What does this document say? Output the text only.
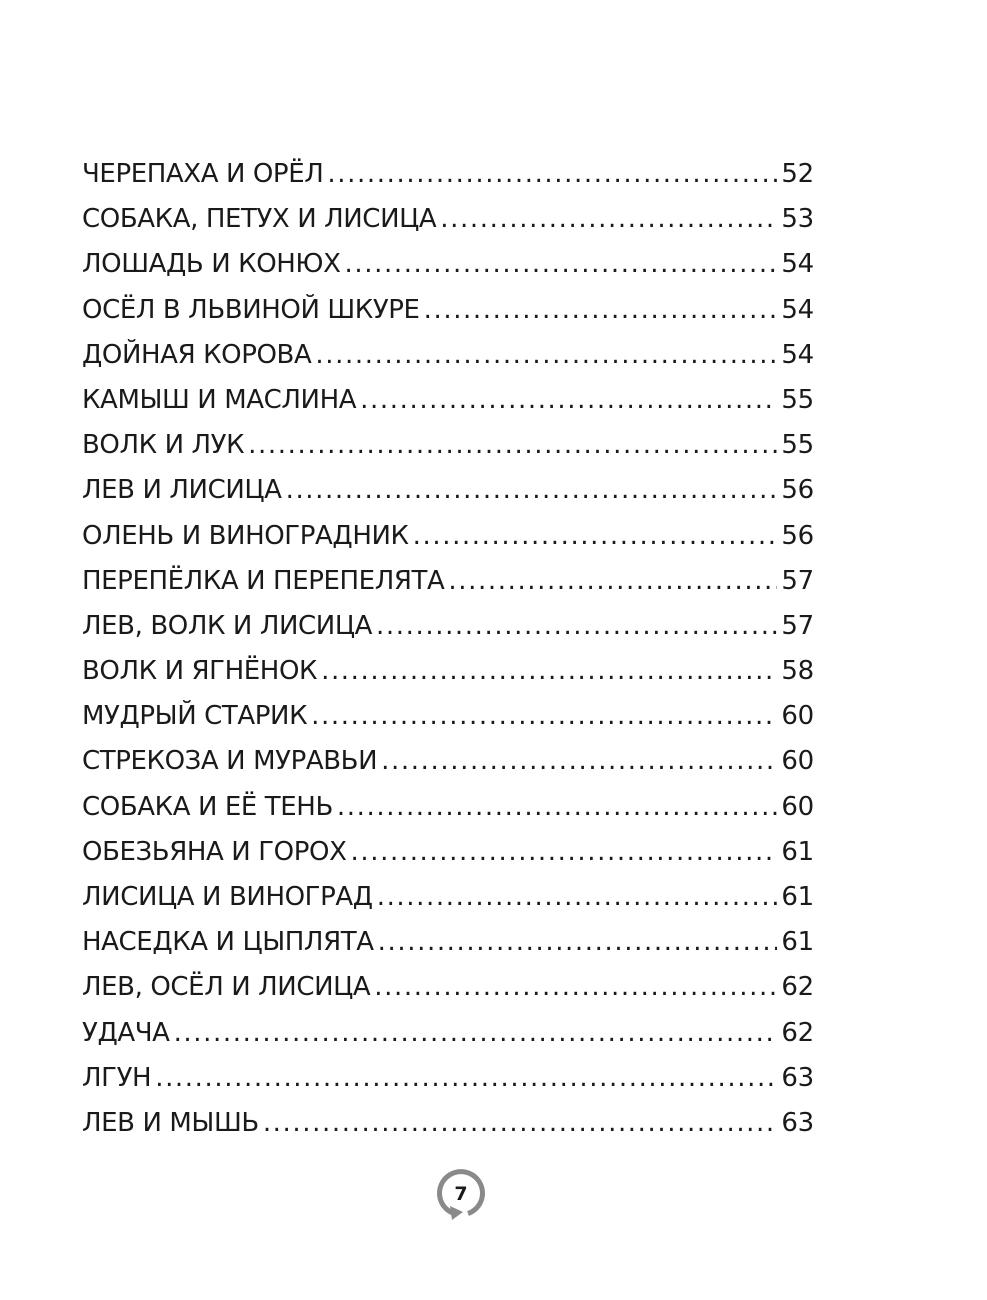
ЧЕРЕПАХА И ОРЁЛ .....	52
СОБАКА, ПЕТУХ И ЛИСИЦА .....	53
ЛОШАДЬ И КОНЮХ .....	54
ОСЁЛ В ЛЬВИНОЙ ШКУРЕ .....	54
ДОЙНАЯ КОРОВА .....	54
КАМЫШ И МАСЛИНА .....	55
ВОЛК И ЛУК .....	55
ЛЕВ И ЛИСИЦА .....	56
ОЛЕНЬ И ВИНОГРАДНИК .....	56
ПЕРЕПЁЛКА И ПЕРЕПЕЛЯТА .....	57
ЛЕВ, ВОЛК И ЛИСИЦА .....	57
ВОЛК И ЯГНЁНОК .....	58
МУДРЫЙ СТАРИК .....	60
СТРЕКОЗА И МУРАВЬИ .....	60
СОБАКА И ЕЁ ТЕНЬ .....	60
ОБЕЗЬЯНА И ГОРОХ .....	61
ЛИСИЦА И ВИНОГРАД .....	61
НАСЕДКА И ЦЫПЛЯТА .....	61
ЛЕВ, ОСЁЛ И ЛИСИЦА .....	62
УДАЧА .....	62
ЛГУН .....	63
ЛЕВ И МЫШЬ .....	63
7
